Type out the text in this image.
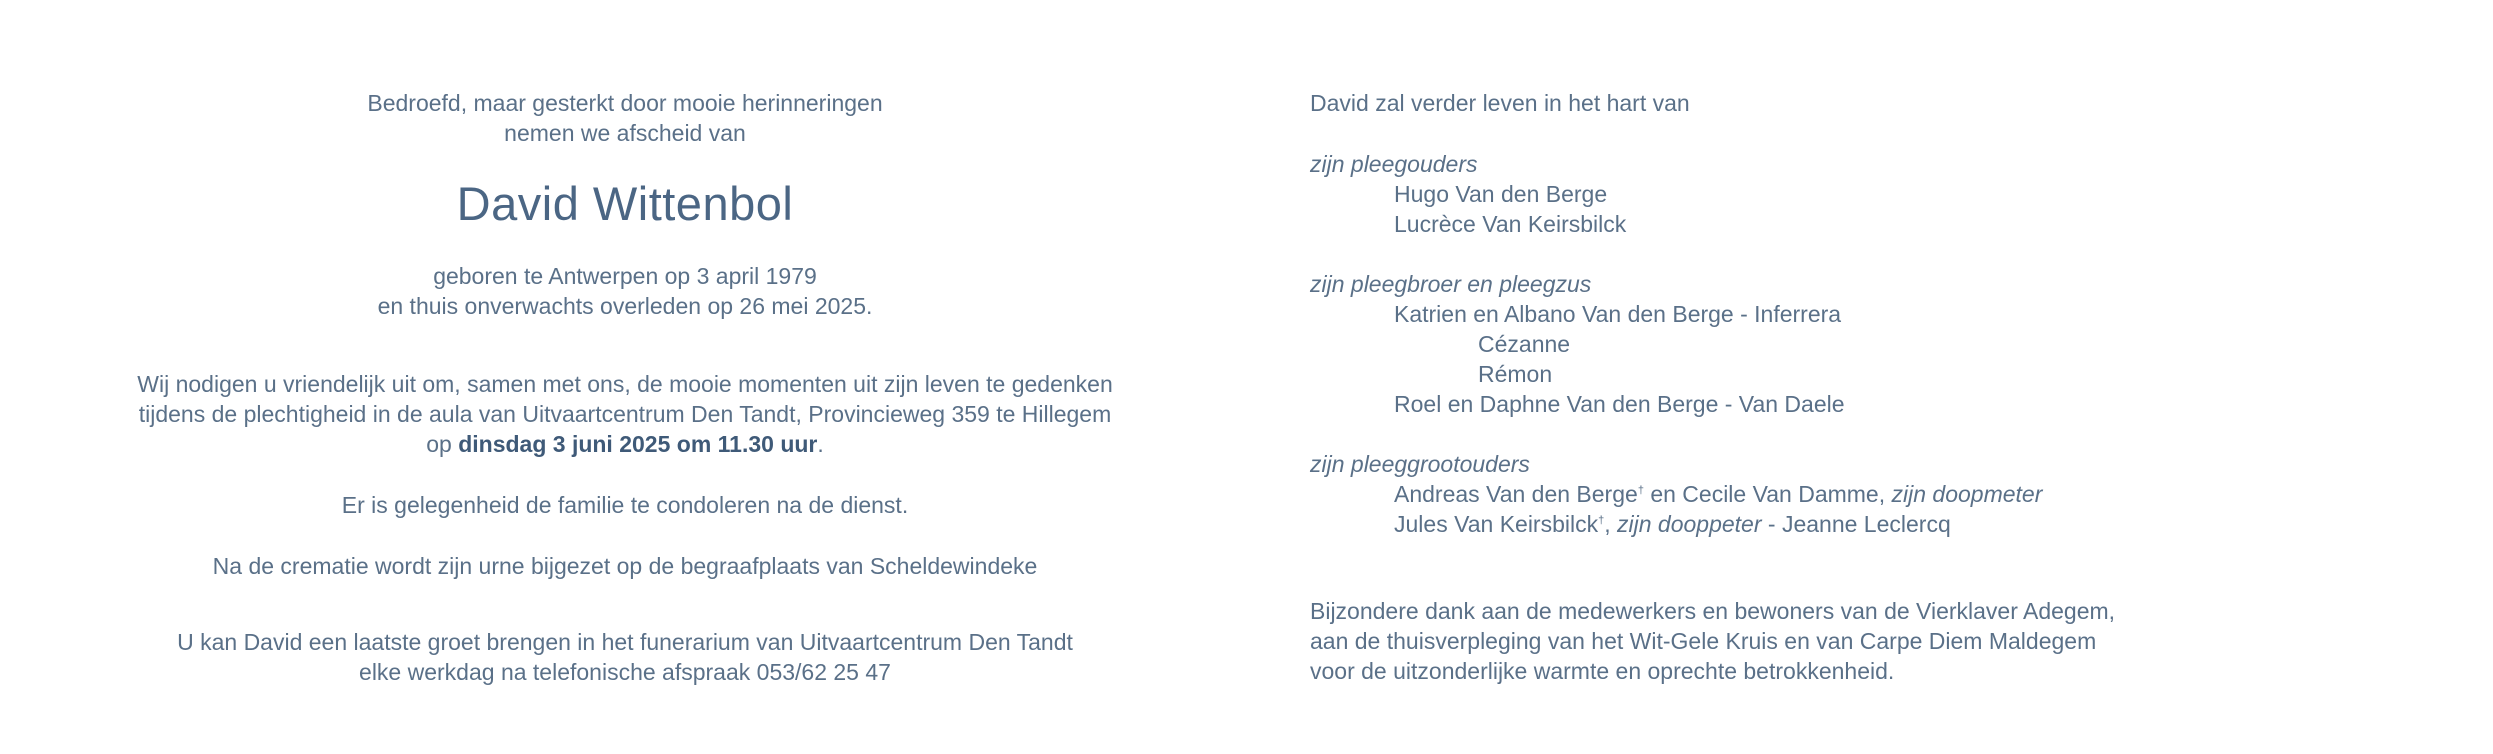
Bedroefd, maar gesterkt door mooie herinneringen
nemen we afscheid van
David Wittenbol
geboren te Antwerpen op 3 april 1979
en thuis onverwachts overleden op 26 mei 2025.
Wij nodigen u vriendelijk uit om, samen met ons, de mooie momenten uit zijn leven te gedenken
tijdens de plechtigheid in de aula van Uitvaartcentrum Den Tandt, Provincieweg 359 te Hillegem
op dinsdag 3 juni 2025 om 11.30 uur.
Er is gelegenheid de familie te condoleren na de dienst.
Na de crematie wordt zijn urne bijgezet op de begraafplaats van Scheldewindeke
U kan David een laatste groet brengen in het funerarium van Uitvaartcentrum Den Tandt
elke werkdag na telefonische afspraak 053/62 25 47
David zal verder leven in het hart van
zijn pleegouders
Hugo Van den Berge
Lucrèce Van Keirsbilck
zijn pleegbroer en pleegzus
Katrien en Albano Van den Berge - Inferrera
Cézanne
Rémon
Roel en Daphne Van den Berge - Van Daele
zijn pleeggrootouders
Andreas Van den Berge† en Cecile Van Damme, zijn doopmeter
Jules Van Keirsbilck†, zijn dooppeter - Jeanne Leclercq
Bijzondere dank aan de medewerkers en bewoners van de Vierklaver Adegem,
aan de thuisverpleging van het Wit-Gele Kruis en van Carpe Diem Maldegem
voor de uitzonderlijke warmte en oprechte betrokkenheid.
